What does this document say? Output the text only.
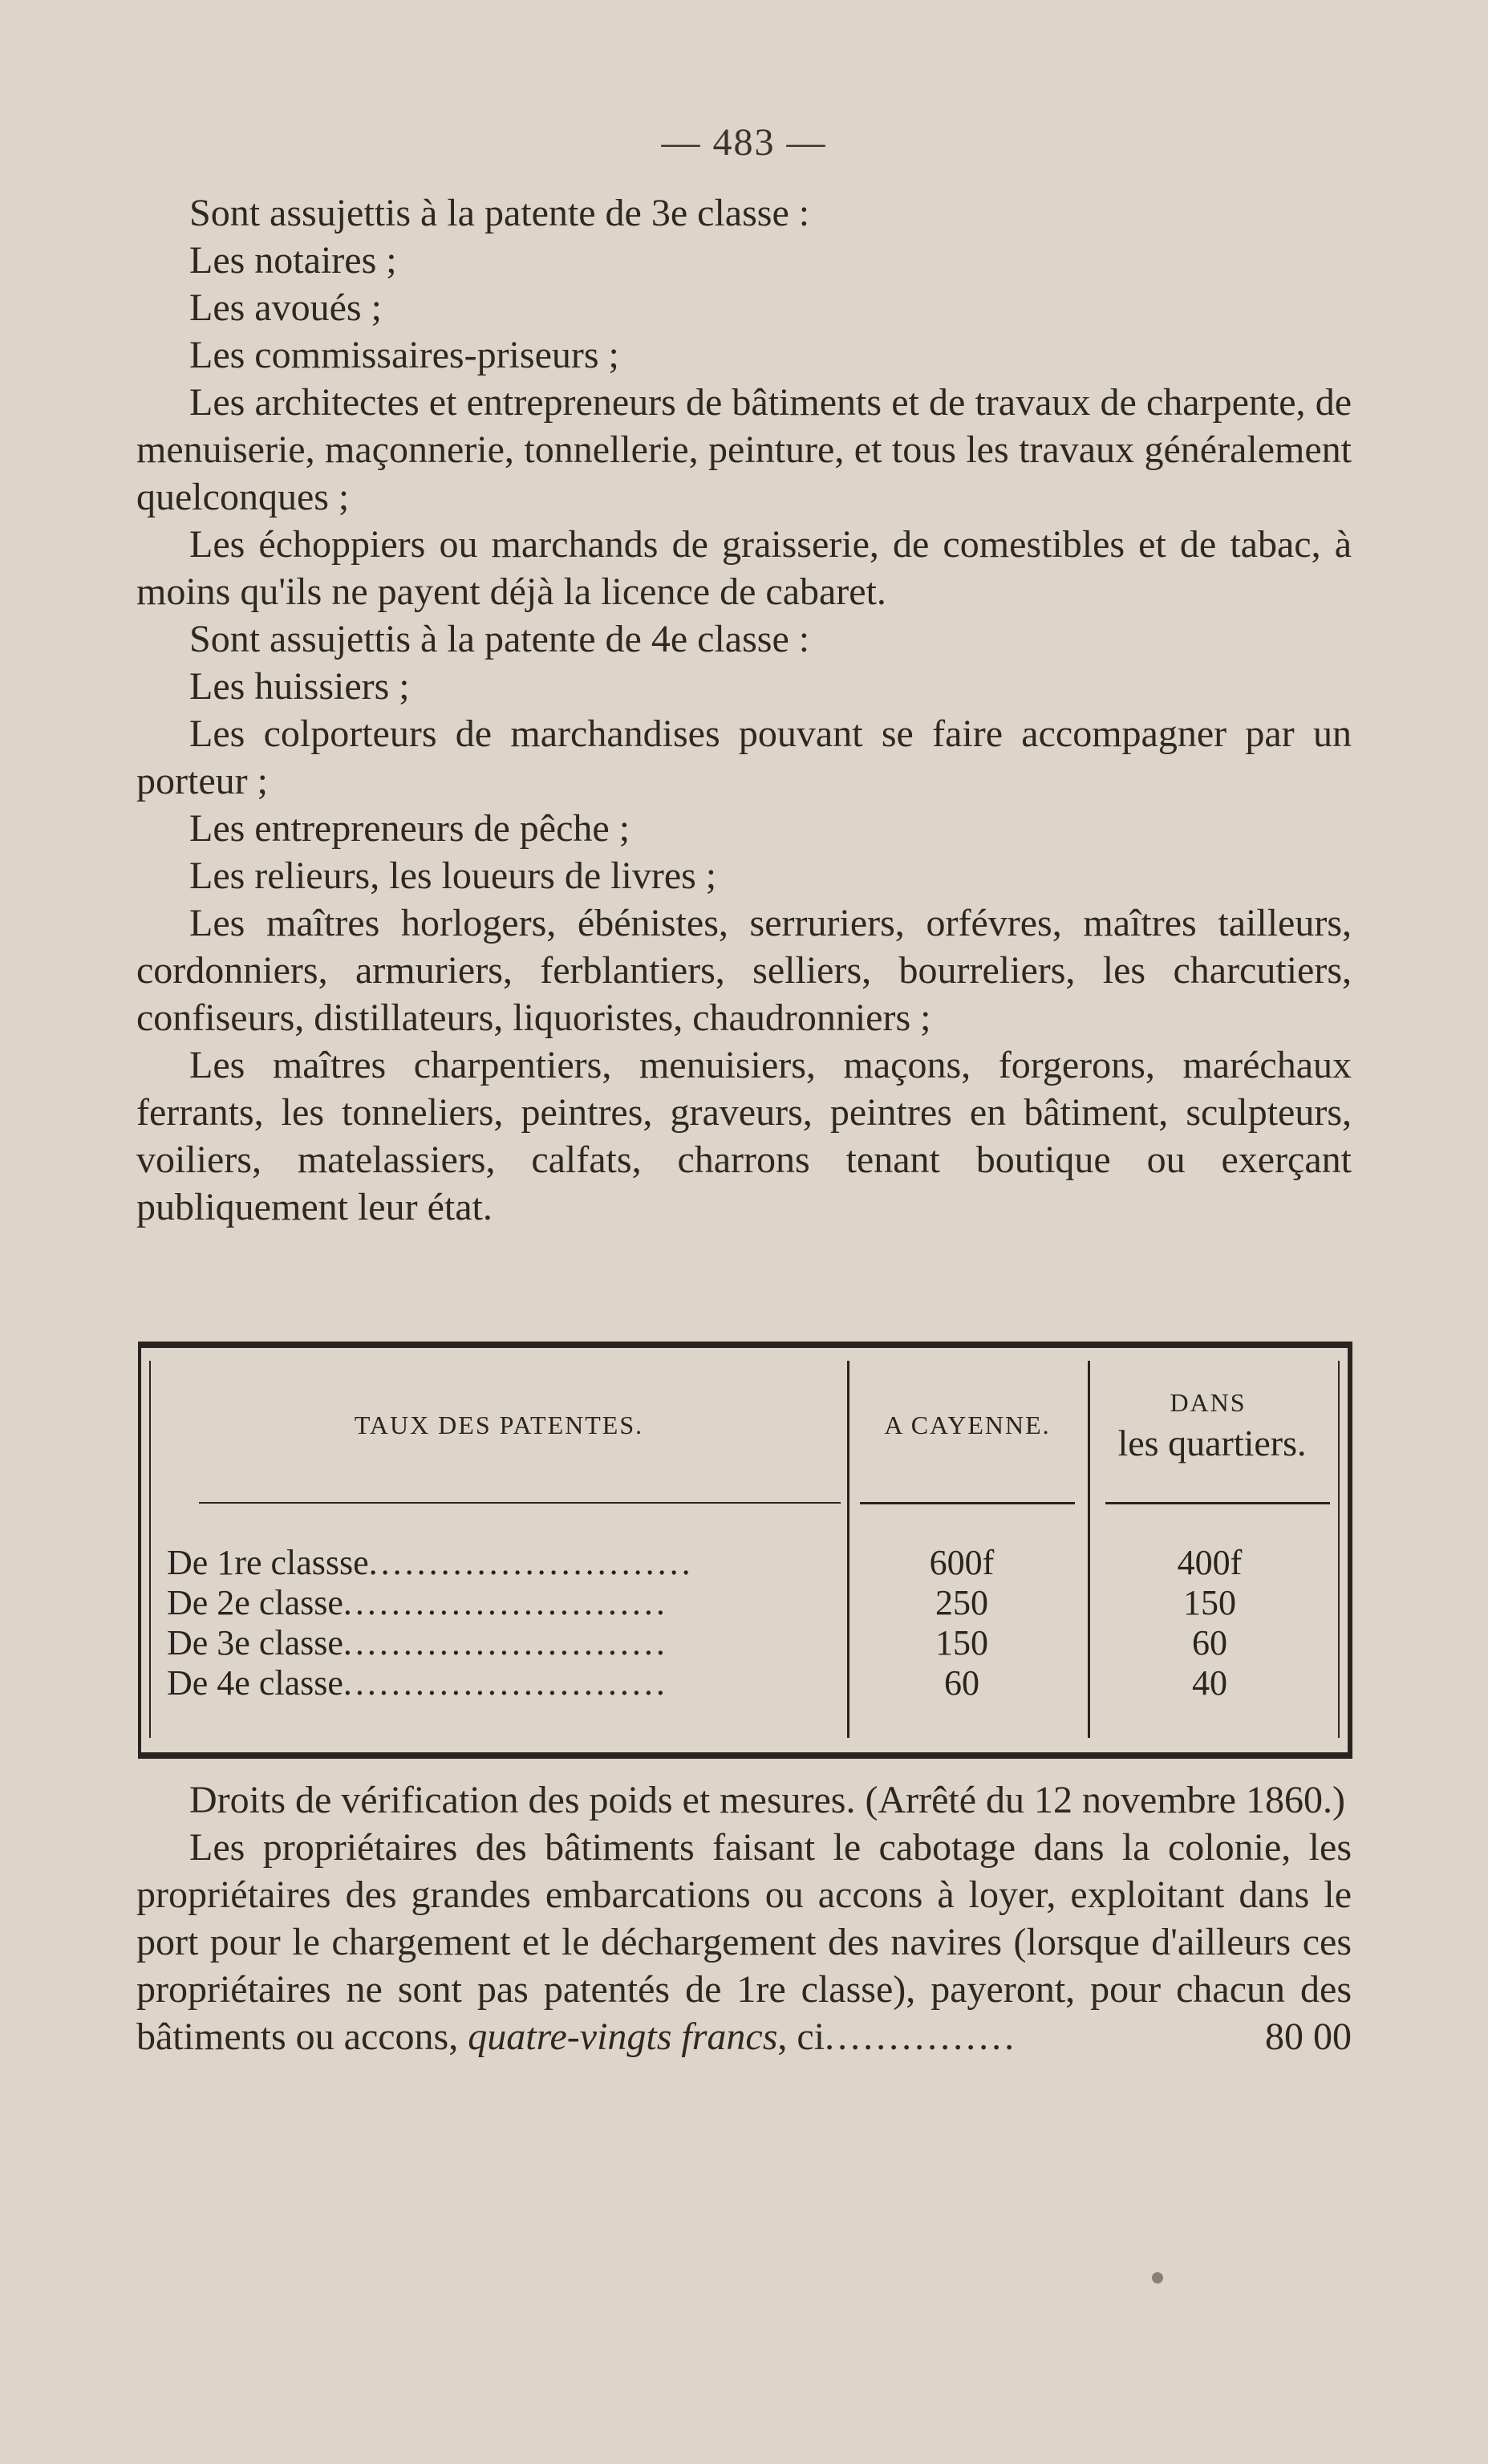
— 483 —

Sont assujettis à la patente de 3e classe :

Les notaires ;

Les avoués ;

Les commissaires-priseurs ;

Les architectes et entrepreneurs de bâtiments et de travaux de charpente, de menuiserie, maçonnerie, tonnellerie, peinture, et tous les travaux généralement quelconques ;

Les échoppiers ou marchands de graisserie, de comestibles et de tabac, à moins qu'ils ne payent déjà la licence de cabaret.

Sont assujettis à la patente de 4e classe :

Les huissiers ;

Les colporteurs de marchandises pouvant se faire accompagner par un porteur ;

Les entrepreneurs de pêche ;

Les relieurs, les loueurs de livres ;

Les maîtres horlogers, ébénistes, serruriers, orfévres, maîtres tailleurs, cordonniers, armuriers, ferblantiers, selliers, bourreliers, les charcutiers, confiseurs, distillateurs, liquoristes, chaudronniers ;

Les maîtres charpentiers, menuisiers, maçons, forgerons, maréchaux ferrants, les tonneliers, peintres, graveurs, peintres en bâtiment, sculpteurs, voiliers, matelassiers, calfats, charrons tenant boutique ou exerçant publiquement leur état.

TAUX DES PATENTES.	A CAYENNE.
DANS
les quartiers.
De 1re classse...........................	600f	400f
De 2e classe...........................	250	150
De 3e classe...........................	150	60
De 4e classe...........................	60	40

Droits de vérification des poids et mesures. (Arrêté du 12 novembre 1860.)

Les propriétaires des bâtiments faisant le cabotage dans la colonie, les propriétaires des grandes embarcations ou accons à loyer, exploitant dans le port pour le chargement et le déchargement des navires (lorsque d'ailleurs ces propriétaires ne sont pas patentés de 1re classe), payeront, pour chacun des bâtiments ou accons, quatre-vingts francs, ci...............	80 00
